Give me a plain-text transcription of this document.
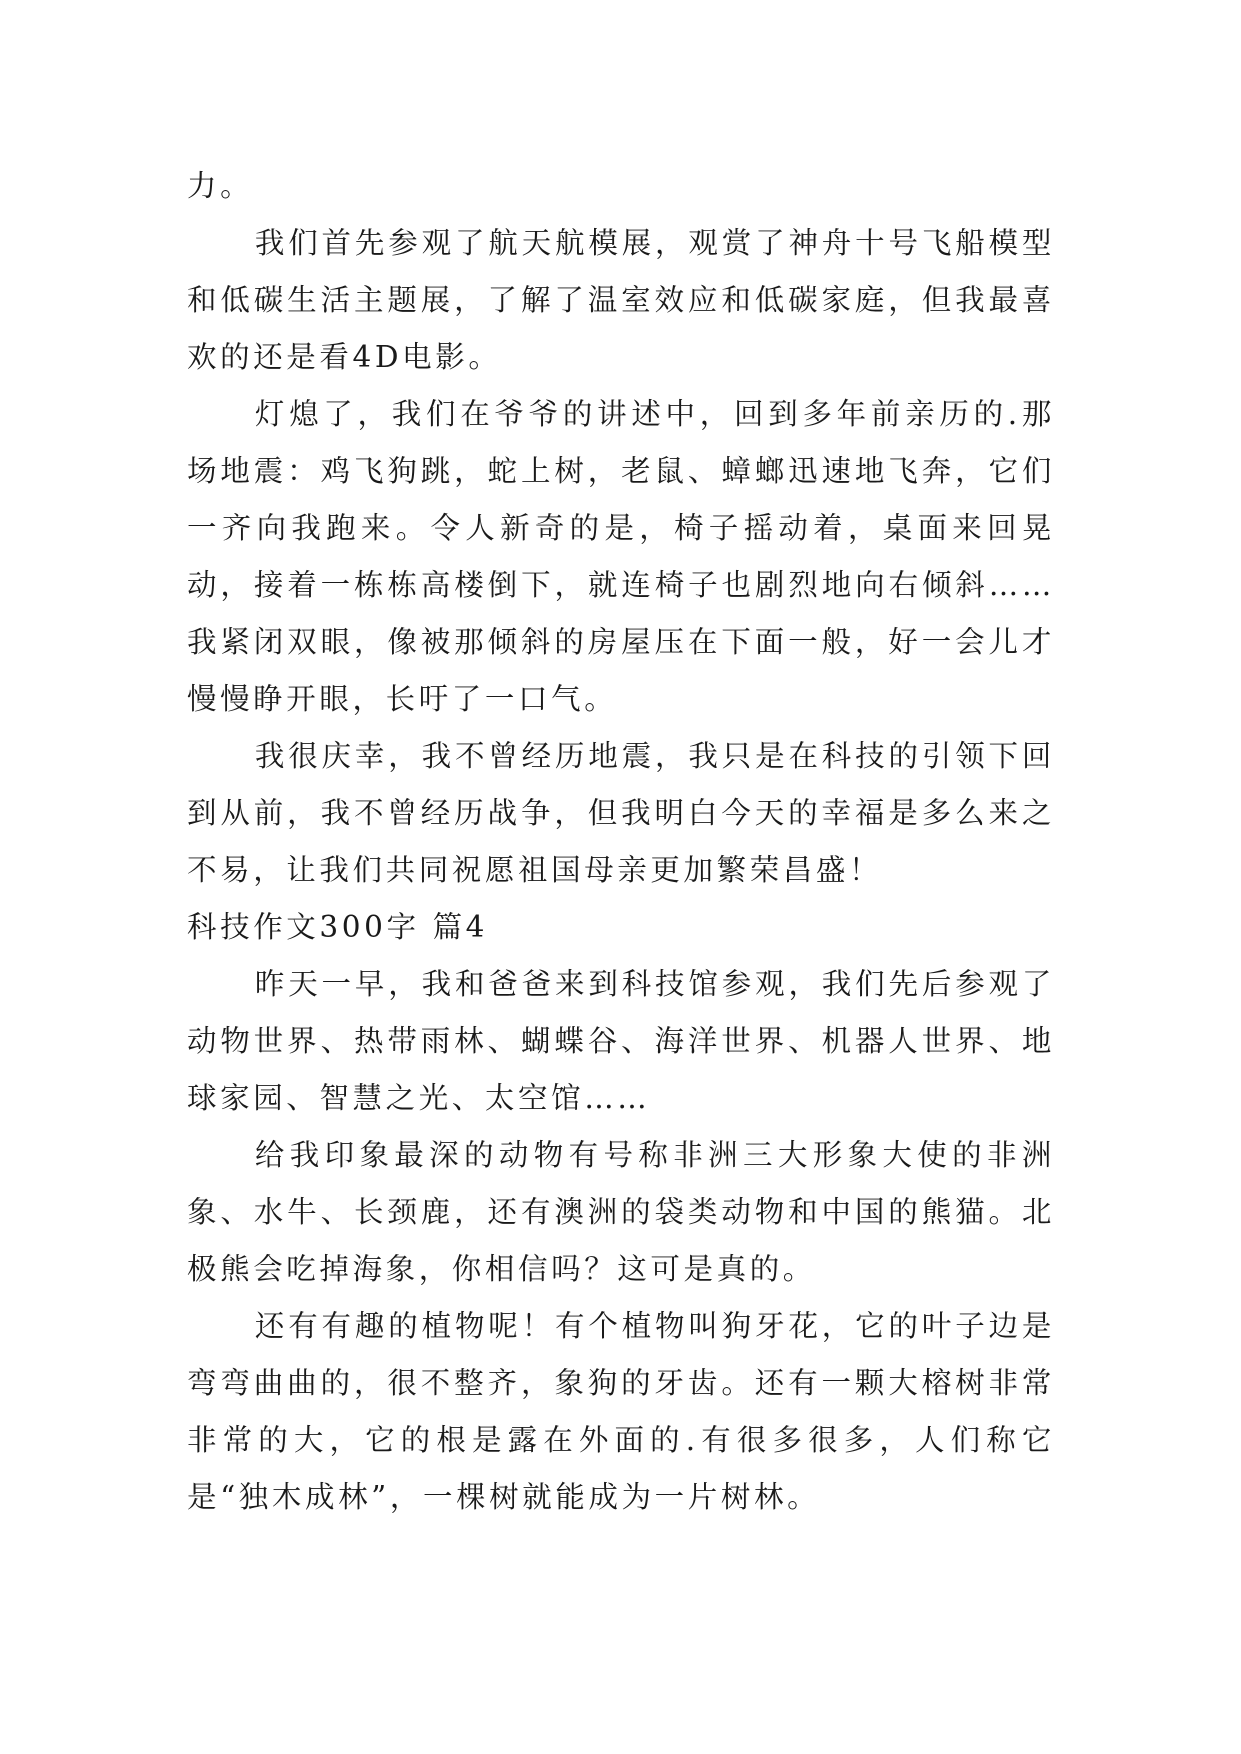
力。

我们首先参观了航天航模展，观赏了神舟十号飞船模型和低碳生活主题展，了解了温室效应和低碳家庭，但我最喜欢的还是看4D电影。

灯熄了，我们在爷爷的讲述中，回到多年前亲历的.那场地震：鸡飞狗跳，蛇上树，老鼠、蟑螂迅速地飞奔，它们一齐向我跑来。令人新奇的是，椅子摇动着，桌面来回晃动，接着一栋栋高楼倒下，就连椅子也剧烈地向右倾斜……我紧闭双眼，像被那倾斜的房屋压在下面一般，好一会儿才慢慢睁开眼，长吁了一口气。

我很庆幸，我不曾经历地震，我只是在科技的引领下回到从前，我不曾经历战争，但我明白今天的幸福是多么来之不易，让我们共同祝愿祖国母亲更加繁荣昌盛！

科技作文300字 篇4

昨天一早，我和爸爸来到科技馆参观，我们先后参观了动物世界、热带雨林、蝴蝶谷、海洋世界、机器人世界、地球家园、智慧之光、太空馆……

给我印象最深的动物有号称非洲三大形象大使的非洲象、水牛、长颈鹿，还有澳洲的袋类动物和中国的熊猫。北极熊会吃掉海象，你相信吗？这可是真的。

还有有趣的植物呢！有个植物叫狗牙花，它的叶子边是弯弯曲曲的，很不整齐，象狗的牙齿。还有一颗大榕树非常非常的大，它的根是露在外面的.有很多很多，人们称它是“独木成林”，一棵树就能成为一片树林。
